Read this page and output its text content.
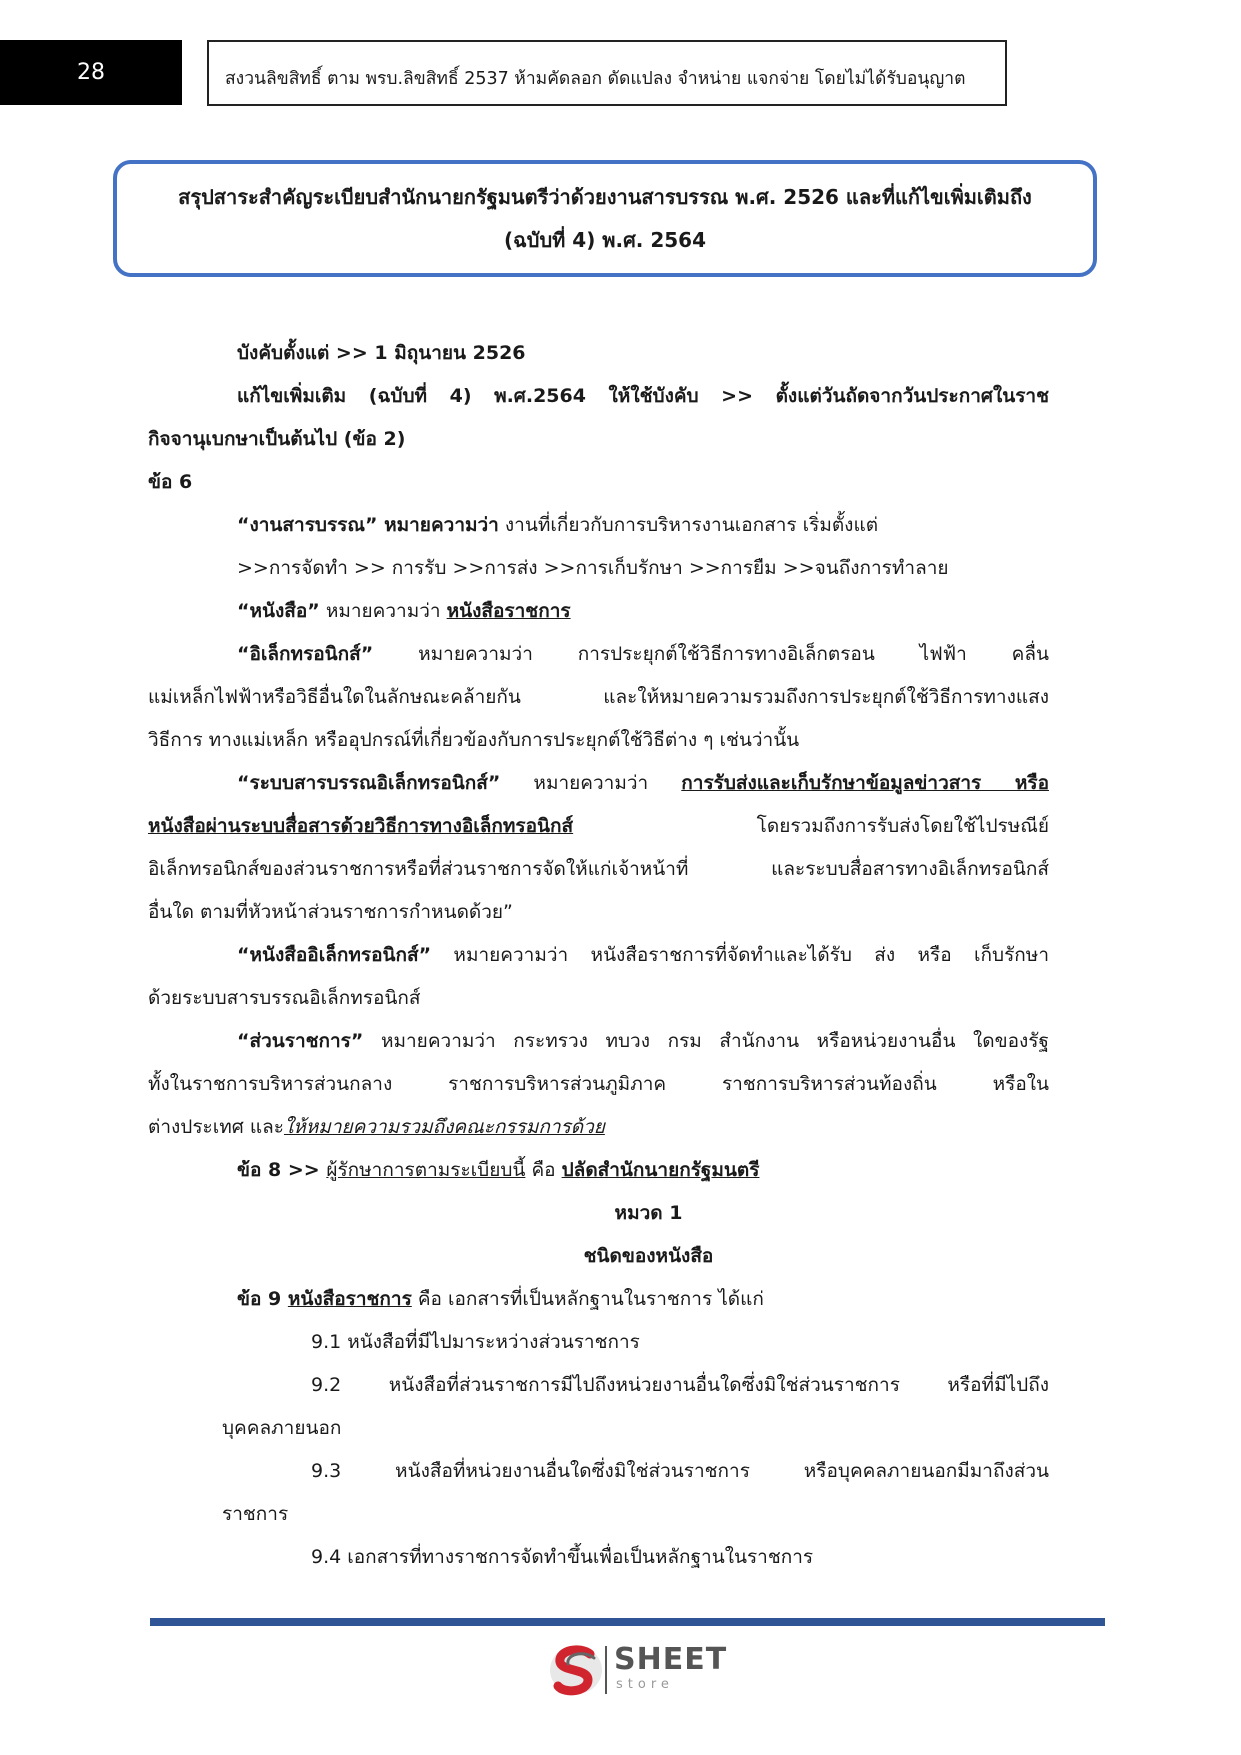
28	สงวนลิขสิทธิ์ ตาม พรบ.ลิขสิทธิ์ 2537 ห้ามคัดลอก ดัดแปลง จำหน่าย แจกจ่าย โดยไม่ได้รับอนุญาต
สรุปสาระสำคัญระเบียบสำนักนายกรัฐมนตรีว่าด้วยงานสารบรรณ พ.ศ. 2526 และที่แก้ไขเพิ่มเติมถึง
(ฉบับที่ 4) พ.ศ. 2564
บังคับตั้งแต่ >> 1 มิถุนายน 2526
แก้ไขเพิ่มเติม (ฉบับที่ 4) พ.ศ.2564 ให้ใช้บังคับ >> ตั้งแต่วันถัดจากวันประกาศในราช
กิจจานุเบกษาเป็นต้นไป (ข้อ 2)
ข้อ 6
“งานสารบรรณ” หมายความว่า งานที่เกี่ยวกับการบริหารงานเอกสาร เริ่มตั้งแต่
>>การจัดทำ >> การรับ >>การส่ง >>การเก็บรักษา >>การยืม >>จนถึงการทำลาย
“หนังสือ” หมายความว่า หนังสือราชการ
“อิเล็กทรอนิกส์” หมายความว่า การประยุกต์ใช้วิธีการทางอิเล็กตรอน ไฟฟ้า คลื่น
แม่เหล็กไฟฟ้าหรือวิธีอื่นใดในลักษณะคล้ายกัน และให้หมายความรวมถึงการประยุกต์ใช้วิธีการทางแสง
วิธีการ ทางแม่เหล็ก หรืออุปกรณ์ที่เกี่ยวข้องกับการประยุกต์ใช้วิธีต่าง ๆ เช่นว่านั้น
“ระบบสารบรรณอิเล็กทรอนิกส์” หมายความว่า การรับส่งและเก็บรักษาข้อมูลข่าวสาร หรือ
หนังสือผ่านระบบสื่อสารด้วยวิธีการทางอิเล็กทรอนิกส์ โดยรวมถึงการรับส่งโดยใช้ไปรษณีย์
อิเล็กทรอนิกส์ของส่วนราชการหรือที่ส่วนราชการจัดให้แก่เจ้าหน้าที่ และระบบสื่อสารทางอิเล็กทรอนิกส์
อื่นใด ตามที่หัวหน้าส่วนราชการกำหนดด้วย”
“หนังสืออิเล็กทรอนิกส์” หมายความว่า หนังสือราชการที่จัดทำและได้รับ ส่ง หรือ เก็บรักษา
ด้วยระบบสารบรรณอิเล็กทรอนิกส์
“ส่วนราชการ” หมายความว่า กระทรวง ทบวง กรม สำนักงาน หรือหน่วยงานอื่น ใดของรัฐ
ทั้งในราชการบริหารส่วนกลาง ราชการบริหารส่วนภูมิภาค ราชการบริหารส่วนท้องถิ่น หรือใน
ต่างประเทศ และให้หมายความรวมถึงคณะกรรมการด้วย
ข้อ 8 >> ผู้รักษาการตามระเบียบนี้ คือ ปลัดสำนักนายกรัฐมนตรี
หมวด 1
ชนิดของหนังสือ
ข้อ 9 หนังสือราชการ คือ เอกสารที่เป็นหลักฐานในราชการ ได้แก่
9.1 หนังสือที่มีไปมาระหว่างส่วนราชการ
9.2 หนังสือที่ส่วนราชการมีไปถึงหน่วยงานอื่นใดซึ่งมิใช่ส่วนราชการ หรือที่มีไปถึง
บุคคลภายนอก
9.3 หนังสือที่หน่วยงานอื่นใดซึ่งมิใช่ส่วนราชการ หรือบุคคลภายนอกมีมาถึงส่วน
ราชการ
9.4 เอกสารที่ทางราชการจัดทำขึ้นเพื่อเป็นหลักฐานในราชการ
SHEET
store
